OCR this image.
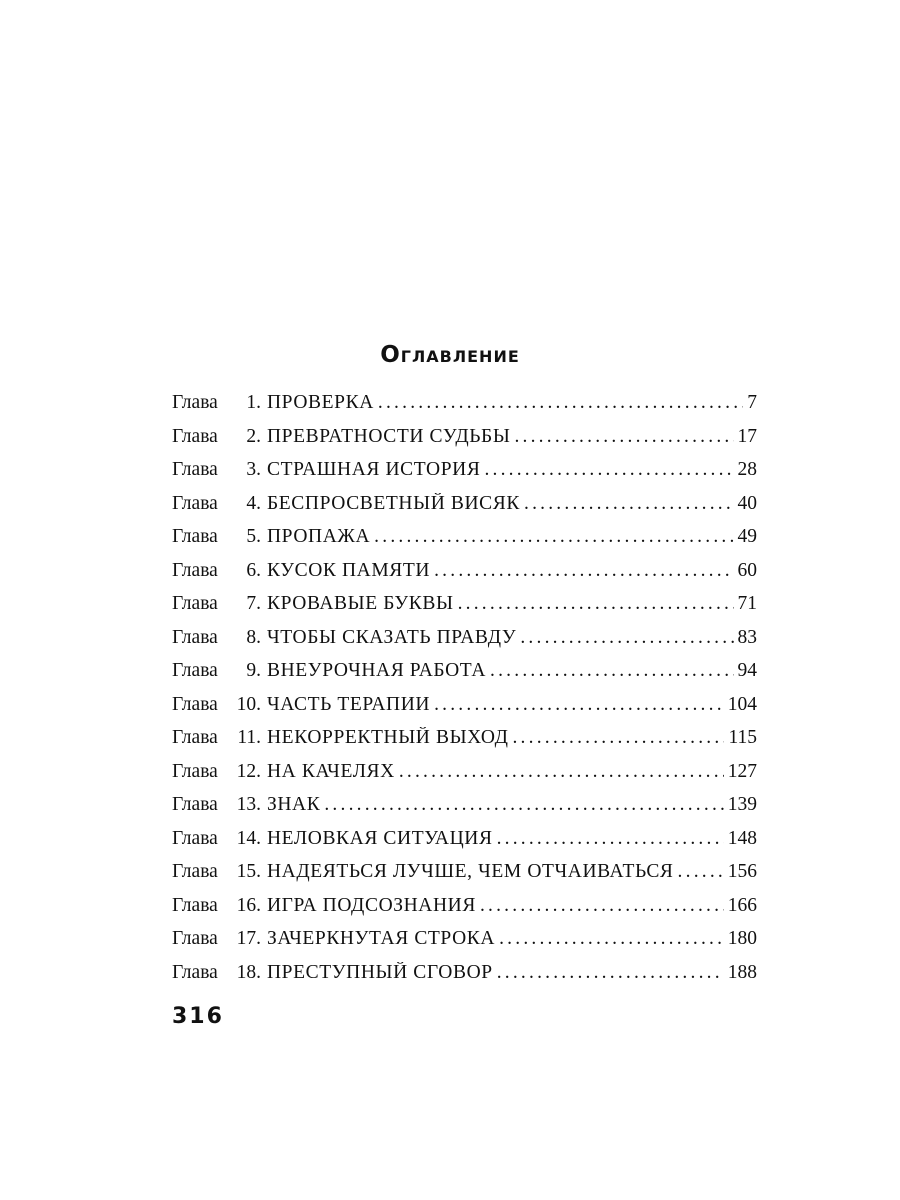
Оглавление
Глава	1. ПРОВЕРКА .....	7
Глава	2. ПРЕВРАТНОСТИ СУДЬБЫ .....	17
Глава	3. СТРАШНАЯ ИСТОРИЯ .....	28
Глава	4. БЕСПРОСВЕТНЫЙ ВИСЯК .....	40
Глава	5. ПРОПАЖА .....	49
Глава	6. КУСОК ПАМЯТИ .....	60
Глава	7. КРОВАВЫЕ БУКВЫ .....	71
Глава	8. ЧТОБЫ СКАЗАТЬ ПРАВДУ .....	83
Глава	9. ВНЕУРОЧНАЯ РАБОТА .....	94
Глава 10. ЧАСТЬ ТЕРАПИИ .....	104
Глава	11. НЕКОРРЕКТНЫЙ ВЫХОД .....	115
Глава 12. НА КАЧЕЛЯХ .....	127
Глава 13. ЗНАК .....	139
Глава 14. НЕЛОВКАЯ СИТУАЦИЯ .....	148
Глава 15. НАДЕЯТЬСЯ ЛУЧШЕ, ЧЕМ ОТЧАИВАТЬСЯ .....	156
Глава 16. ИГРА ПОДСОЗНАНИЯ .....	166
Глава 17. ЗАЧЕРКНУТАЯ СТРОКА .....	180
Глава 18. ПРЕСТУПНЫЙ СГОВОР .....	188
316
